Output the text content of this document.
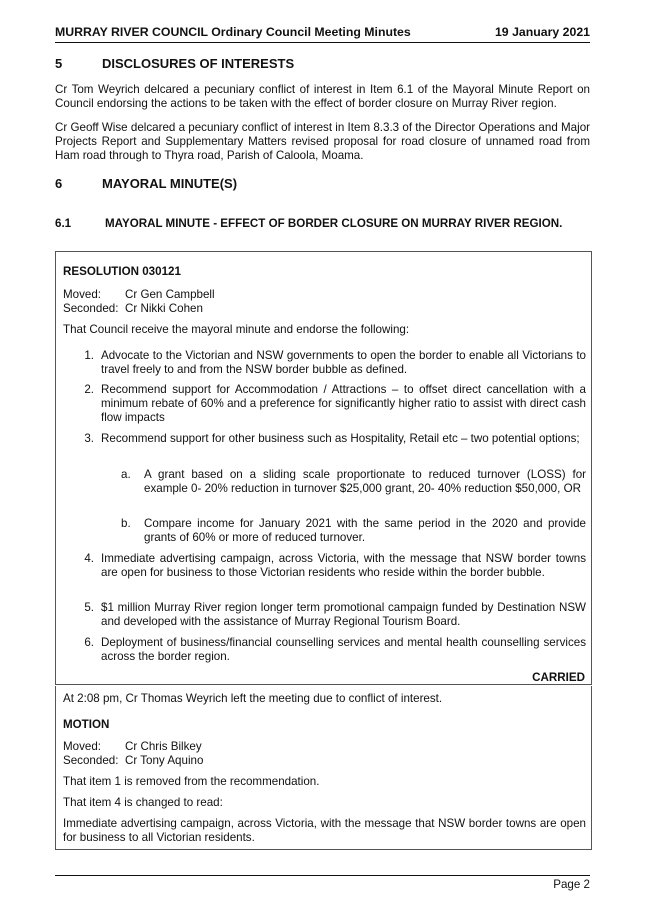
MURRAY RIVER COUNCIL Ordinary Council Meeting Minutes	19 January 2021
5	DISCLOSURES OF INTERESTS

Cr Tom Weyrich delcared a pecuniary conflict of interest in Item 6.1 of the Mayoral Minute Report on Council endorsing the actions to be taken with the effect of border closure on Murray River region.

Cr Geoff Wise delcared a pecuniary conflict of interest in Item 8.3.3 of the Director Operations and Major Projects Report and Supplementary Matters revised proposal for road closure of unnamed road from Ham road through to Thyra road, Parish of Caloola, Moama.

6	MAYORAL MINUTE(S)
6.1	MAYORAL MINUTE - EFFECT OF BORDER CLOSURE ON MURRAY RIVER REGION.
RESOLUTION 030121
Moved: Cr Gen Campbell
Seconded: Cr Nikki Cohen
That Council receive the mayoral minute and endorse the following:
1. Advocate to the Victorian and NSW governments to open the border to enable all Victorians to travel freely to and from the NSW border bubble as defined.
2. Recommend support for Accommodation / Attractions – to offset direct cancellation with a minimum rebate of 60% and a preference for significantly higher ratio to assist with direct cash flow impacts
3. Recommend support for other business such as Hospitality, Retail etc – two potential options;
a. A grant based on a sliding scale proportionate to reduced turnover (LOSS) for example 0- 20% reduction in turnover $25,000 grant, 20- 40% reduction $50,000, OR
b. Compare income for January 2021 with the same period in the 2020 and provide grants of 60% or more of reduced turnover.
4. Immediate advertising campaign, across Victoria, with the message that NSW border towns are open for business to those Victorian residents who reside within the border bubble.
5. $1 million Murray River region longer term promotional campaign funded by Destination NSW and developed with the assistance of Murray Regional Tourism Board.
6. Deployment of business/financial counselling services and mental health counselling services across the border region.
CARRIED
At 2:08 pm, Cr Thomas Weyrich left the meeting due to conflict of interest.
MOTION
Moved: Cr Chris Bilkey
Seconded: Cr Tony Aquino
That item 1 is removed from the recommendation.
That item 4 is changed to read:
Immediate advertising campaign, across Victoria, with the message that NSW border towns are open for business to all Victorian residents.
Page 2
